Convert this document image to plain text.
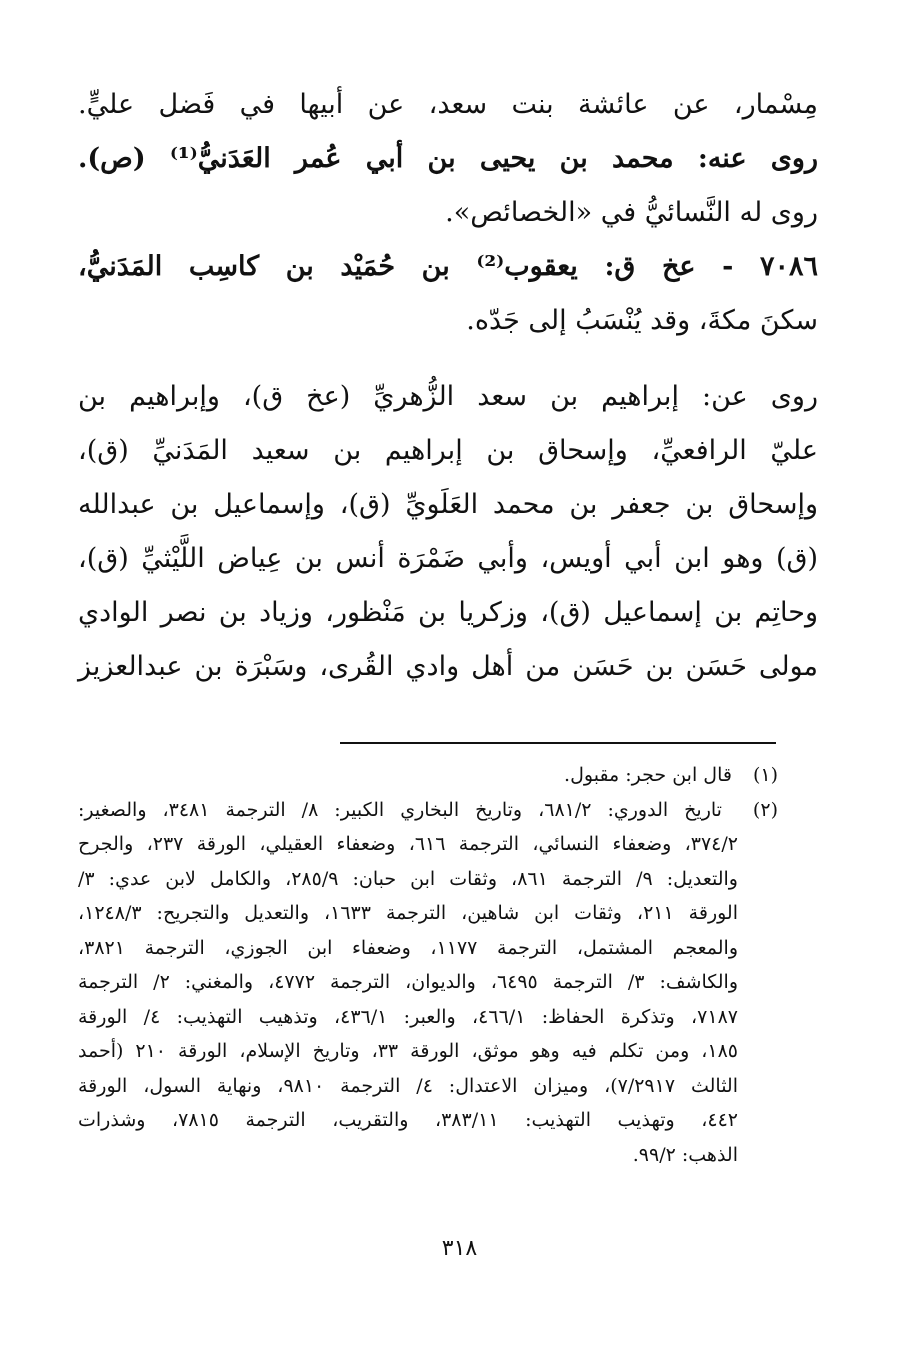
مِسْمار، عن عائشة بنت سعد، عن أبيها في فَضل عليٍّ.
روى عنه: محمد بن يحيى بن أبي عُمر العَدَنيُّ⁽¹⁾ (ص).
روى له النَّسائيُّ في «الخصائص».
٧٠٨٦ - عخ ق: يعقوب⁽²⁾ بن حُمَيْد بن كاسِب المَدَنيُّ،
سكنَ مكةَ، وقد يُنْسَبُ إلى جَدّه.
روى عن: إبراهيم بن سعد الزُّهريِّ (عخ ق)، وإبراهيم بن
عليّ الرافعيِّ، وإسحاق بن إبراهيم بن سعيد المَدَنيِّ (ق)،
وإسحاق بن جعفر بن محمد العَلَويِّ (ق)، وإسماعيل بن عبدالله
(ق) وهو ابن أبي أويس، وأبي ضَمْرَة أنس بن عِياض اللَّيْثيِّ (ق)،
وحاتِم بن إسماعيل (ق)، وزكريا بن مَنْظور، وزياد بن نصر الوادي
مولى حَسَن بن حَسَن من أهل وادي القُرى، وسَبْرَة بن عبدالعزيز
(١) قال ابن حجر: مقبول.
(٢) تاريخ الدوري: ٦٨١/٢، وتاريخ البخاري الكبير: ٨/ الترجمة ٣٤٨١، والصغير:
٣٧٤/٢، وضعفاء النسائي، الترجمة ٦١٦، وضعفاء العقيلي، الورقة ٢٣٧، والجرح
والتعديل: ٩/ الترجمة ٨٦١، وثقات ابن حبان: ٢٨٥/٩، والكامل لابن عدي: ٣/
الورقة ٢١١، وثقات ابن شاهين، الترجمة ١٦٣٣، والتعديل والتجريح: ١٢٤٨/٣،
والمعجم المشتمل، الترجمة ١١٧٧، وضعفاء ابن الجوزي، الترجمة ٣٨٢١،
والكاشف: ٣/ الترجمة ٦٤٩٥، والديوان، الترجمة ٤٧٧٢، والمغني: ٢/ الترجمة
٧١٨٧، وتذكرة الحفاظ: ٤٦٦/١، والعبر: ٤٣٦/١، وتذهيب التهذيب: ٤/ الورقة
١٨٥، ومن تكلم فيه وهو موثق، الورقة ٣٣، وتاريخ الإسلام، الورقة ٢١٠ (أحمد
الثالث ٧/٢٩١٧)، وميزان الاعتدال: ٤/ الترجمة ٩٨١٠، ونهاية السول، الورقة
٤٤٢، وتهذيب التهذيب: ٣٨٣/١١، والتقريب، الترجمة ٧٨١٥، وشذرات
الذهب: ٩٩/٢.
٣١٨
